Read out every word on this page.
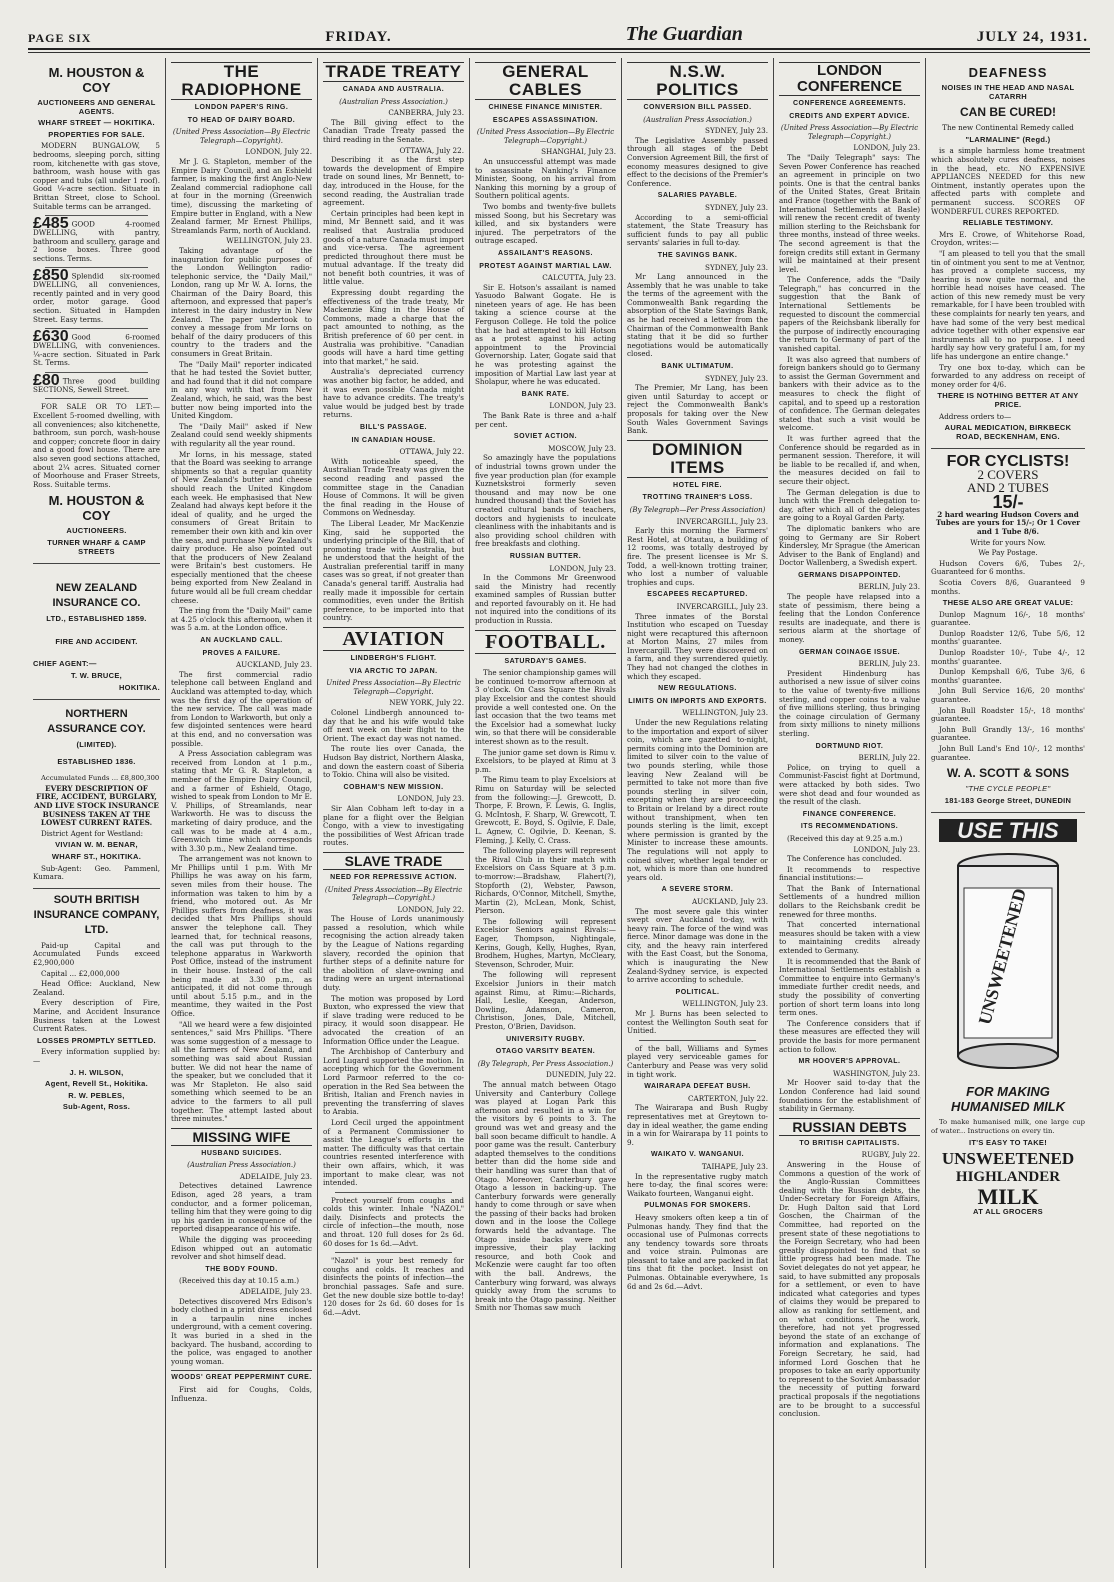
PAGE SIX	FRIDAY.	The Guardian	JULY 24, 1931.
M. HOUSTON & COY
AUCTIONEERS AND GENERAL AGENTS.
WHARF STREET — HOKITIKA.
PROPERTIES FOR SALE.

MODERN BUNGALOW, 5 bedrooms, sleeping porch, sitting room, kitchenette with gas stove, bathroom, wash house with gas copper and tubs (all under 1 roof). Good ¼-acre section. Situate in Brittan Street, close to School. Suitable terms can be arranged.

£485 GOOD 4-roomed DWELLING, with pantry, bathroom and scullery, garage and 2 loose boxes. Three good sections. Terms.

£850 Splendid six-roomed DWELLING, all conveniences, recently painted and in very good order, motor garage. Good section. Situated in Hampden Street. Easy terms.

£630 Good 6-roomed DWELLING, with conveniences. ¼-acre section. Situated in Park St. Terms.

£80 Three good building SECTIONS, Sewell Street.

FOR SALE OR TO LET:—Excellent 5-roomed dwelling, with all conveniences; also kitchenette, bathroom, sun porch, wash-house and copper; concrete floor in dairy and a good fowl house. There are also seven good sections attached, about 2¼ acres. Situated corner of Moorhouse and Fraser Streets, Ross. Suitable terms.

M. HOUSTON & COY
AUCTIONEERS.
TURNER WHARF & CAMP STREETS
NEW ZEALAND INSURANCE CO.
LTD., ESTABLISHED 1859.
FIRE AND ACCIDENT.
CHIEF AGENT:—
T. W. BRUCE,
HOKITIKA.
NORTHERN ASSURANCE COY.
(LIMITED).
ESTABLISHED 1836.

Accumulated Funds ... £8,800,300

EVERY DESCRIPTION OF FIRE, ACCIDENT, BURGLARY, AND LIVE STOCK INSURANCE BUSINESS TAKEN AT THE LOWEST CURRENT RATES.

District Agent for Westland:

VIVIAN W. M. BENAR,
WHARF ST., HOKITIKA.

Sub-Agent: Geo. Pammenl, Kumara.

SOUTH BRITISH INSURANCE COMPANY, LTD.

Paid-up Capital and Accumulated Funds exceed £2,900,000

Capital ... £2,000,000

Head Office: Auckland, New Zealand.

Every description of Fire, Marine, and Accident Insurance Business taken at the Lowest Current Rates.

LOSSES PROMPTLY SETTLED.

Every information supplied by:—

J. H. WILSON,
Agent, Revell St., Hokitika.
R. W. PEBLES,
Sub-Agent, Ross.
THE RADIOPHONE
LONDON PAPER'S RING.
TO HEAD OF DAIRY BOARD.
(United Press Association—By Electric Telegraph—Copyright).
LONDON, July 22.

Mr J. G. Stapleton, member of the Empire Dairy Council, and an Eshield farmer, is making the first Anglo-New Zealand commercial radiophone call at four in the morning (Greenwich time), discussing the marketing of Empire butter in England, with a New Zealand farmer, Mr Ernest Phillips, Streamlands Farm, north of Auckland.

WELLINGTON, July 23.

Taking advantage of the inauguration for public purposes of the London Wellington radio-telephonic service, the "Daily Mail," London, rang up Mr W. A. Iorns, the Chairman of the Dairy Board, this afternoon, and expressed that paper's interest in the dairy industry in New Zealand. The paper undertook to convey a message from Mr Iorns on behalf of the dairy producers of this country to the traders and the consumers in Great Britain.

The "Daily Mail" reporter indicated that he had tested the Soviet butter, and had found that it did not compare in any way with that from New Zealand, which, he said, was the best butter now being imported into the United Kingdom.

The "Daily Mail" asked if New Zealand could send weekly shipments with regularity all the year round.

Mr Iorns, in his message, stated that the Board was seeking to arrange shipments so that a regular quantity of New Zealand's butter and cheese should reach the United Kingdom each week. He emphasised that New Zealand had always kept before it the ideal of quality, and he urged the consumers of Great Britain to remember their own kith and kin over the seas, and purchase New Zealand's dairy produce. He also pointed out that the producers of New Zealand were Britain's best customers. He especially mentioned that the cheese being exported from New Zealand in future would all be full cream cheddar cheese.

The ring from the "Daily Mail" came at 4.25 o'clock this afternoon, when it was 5 a.m. at the London office.

AN AUCKLAND CALL.
PROVES A FAILURE.
AUCKLAND, July 23.

The first commercial radio telephone call between England and Auckland was attempted to-day, which was the first day of the operation of the new service. The call was made from London to Warkworth, but only a few disjointed sentences were heard at this end, and no conversation was possible.

A Press Association cablegram was received from London at 1 p.m., stating that Mr G. R. Stapleton, a member of the Empire Dairy Council, and a farmer of Eshield, Otago, wished to speak from London to Mr E. V. Phillips, of Streamlands, near Warkworth. He was to discuss the marketing of dairy produce, and the call was to be made at 4 a.m., Greenwich time which corresponds with 3.30 p.m., New Zealand time.

The arrangement was not known to Mr Phillips until 1 p.m. With Mr Phillips he was away on his farm, seven miles from their house. The information was taken to him by a friend, who motored out. As Mr Phillips suffers from deafness, it was decided that Mrs Phillips should answer the telephone call. They learned that, for technical reasons, the call was put through to the telephone apparatus in Warkworth Post Office, instead of the instrument in their house. Instead of the call being made at 3.30 p.m., as anticipated, it did not come through until about 5.15 p.m., and in the meantime, they waited in the Post Office.

"All we heard were a few disjointed sentences," said Mrs Phillips. "There was some suggestion of a message to all the farmers of New Zealand, and something was said about Russian butter. We did not hear the name of the speaker, but we concluded that it was Mr Stapleton. He also said something which seemed to be an advice to the farmers to all pull together. The attempt lasted about three minutes."

MISSING WIFE
HUSBAND SUICIDES.
(Australian Press Association.)
ADELAIDE, July 23.

Detectives detained Lawrence Edison, aged 28 years, a tram conductor, and a former policeman, telling him that they were going to dig up his garden in consequence of the reported disappearance of his wife.

While the digging was proceeding Edison whipped out an automatic revolver and shot himself dead.

THE BODY FOUND.

(Received this day at 10.15 a.m.)

ADELAIDE, July 23.

Detectives discovered Mrs Edison's body clothed in a print dress enclosed in a tarpaulin nine inches underground, with a cement covering. It was buried in a shed in the backyard. The husband, according to the police, was engaged to another young woman.

WOODS' GREAT PEPPERMINT CURE.

First aid for Coughs, Colds, Influenza.

TRADE TREATY
CANADA AND AUSTRALIA.
(Australian Press Association.)
CANBERRA, July 23.

The Bill giving effect to the Canadian Trade Treaty passed the third reading in the Senate.

OTTAWA, July 22.

Describing it as the first step towards the development of Empire trade on sound lines, Mr Bennett, to-day, introduced in the House, for the second reading, the Australian trade agreement.

Certain principles had been kept in mind, Mr Bennett said, and it was realised that Australia produced goods of a nature Canada must import and vice-versa. The agreement predicted throughout there must be mutual advantage. If the treaty did not benefit both countries, it was of little value.

Expressing doubt regarding the effectiveness of the trade treaty, Mr Mackenzie King in the House of Commons, made a charge that the pact amounted to nothing, as the British preference of 60 per cent. in Australia was prohibitive. "Canadian goods will have a hard time getting into that market," he said.

Australia's depreciated currency was another big factor, he added, and it was even possible Canada might have to advance credits. The treaty's value would be judged best by trade returns.

BILL'S PASSAGE.
IN CANADIAN HOUSE.
OTTAWA, July 22.

With noticeable speed, the Australian Trade Treaty was given the second reading and passed the committee stage in the Canadian House of Commons. It will be given the final reading in the House of Commons on Wednesday.

The Liberal Leader, Mr MacKenzie King, said he supported the underlying principle of the Bill, that of promoting trade with Australia, but he understood that the height of the Australian preferential tariff in many cases was so great, if not greater than Canada's general tariff. Australia had really made it impossible for certain commodities, even under the British preference, to be imported into that country.

AVIATION
LINDBERGH'S FLIGHT.
VIA ARCTIC TO JAPAN.
United Press Association—By Electric Telegraph—Copyright.
NEW YORK, July 22.

Colonel Lindbergh announced to-day that he and his wife would take off next week on their flight to the Orient. The exact day was not named.

The route lies over Canada, the Hudson Bay district, Northern Alaska, and down the eastern coast of Siberia to Tokio. China will also be visited.

COBHAM'S NEW MISSION.
LONDON, July 23.

Sir Alan Cobham left to-day in a plane for a flight over the Belgian Congo, with a view to investigating the possibilities of West African trade routes.

SLAVE TRADE
NEED FOR REPRESSIVE ACTION.
(United Press Association—By Electric Telegraph—Copyright.)
LONDON, July 22.

The House of Lords unanimously passed a resolution, which while recognising the action already taken by the League of Nations regarding slavery, recorded the opinion that further steps of a definite nature for the abolition of slave-owning and trading were an urgent international duty.

The motion was proposed by Lord Buxton, who expressed the view that if slave trading were reduced to be piracy, it would soon disappear. He advocated the creation of an Information Office under the League.

The Archbishop of Canterbury and Lord Lugard supported the motion. In accepting which for the Government Lord Parmoor referred to the co-operation in the Red Sea between the British, Italian and French navies in preventing the transferring of slaves to Arabia.

Lord Cecil urged the appointment of a Permanent Commissioner to assist the League's efforts in the matter. The difficulty was that certain countries resented interference with their own affairs, which, it was important to make clear, was not intended.

Protect yourself from coughs and colds this winter. Inhale "NAZOL" daily. Disinfects and protects the circle of infection—the mouth, nose and throat. 120 full doses for 2s 6d. 60 doses for 1s 6d.—Advt.

"Nazol" is your best remedy for coughs and colds. It reaches and disinfects the points of infection—the bronchial passages. Safe and sure. Get the new double size bottle to-day! 120 doses for 2s 6d. 60 doses for 1s 6d.—Advt.

GENERAL CABLES
CHINESE FINANCE MINISTER.
ESCAPES ASSASSINATION.
(United Press Association—By Electric Telegraph—Copyright.)
SHANGHAI, July 23.

An unsuccessful attempt was made to assassinate Nanking's Finance Minister, Soong, on his arrival from Nanking this morning by a group of Southern political agents.

Two bombs and twenty-five bullets missed Soong, but his Secretary was killed, and six bystanders were injured. The perpetrators of the outrage escaped.

ASSAILANT'S REASONS.
PROTEST AGAINST MARTIAL LAW.
CALCUTTA, July 23.

Sir E. Hotson's assailant is named Yasuodo Balwant Gogate. He is nineteen years of age. He has been taking a science course at the Ferguson College. He told the police that he had attempted to kill Hotson as a protest against his acting appointment to the Provincial Governorship. Later, Gogate said that he was protesting against the imposition of Martial Law last year at Sholapur, where he was educated.

BANK RATE.
LONDON, July 23.

The Bank Rate is three and a-half per cent.

SOVIET ACTION.
MOSCOW, July 23.

So amazingly have the populations of industrial towns grown under the five year production plan (for example Kuznetskstroi formerly seven thousand and may now be one hundred thousand) that the Soviet has created cultural bands of teachers, doctors and hygienists to inculcate cleanliness with the inhabitants and is also providing school children with free breakfasts and clothing.

RUSSIAN BUTTER.
LONDON, July 23.

In the Commons Mr Greenwood said the Ministry had recently examined samples of Russian butter and reported favourably on it. He had not inquired into the conditions of its production in Russia.

FOOTBALL.
SATURDAY'S GAMES.

The senior championship games will be continued to-morrow afternoon at 3 o'clock. On Cass Square the Rivals play Excelsior and the contest should provide a well contested one. On the last occasion that the two teams met the Excelsior had a somewhat lucky win, so that there will be considerable interest shown as to the result.

The junior game set down is Rimu v. Excelsiors, to be played at Rimu at 3 p.m.

The Rimu team to play Excelsiors at Rimu on Saturday will be selected from the following:—J. Grewcott, D. Thorpe, F. Brown, F. Lewis, G. Inglis, G. McIntosh, F. Sharp, W. Grewcott, T. Grewcott, E. Boyd, S. Ogilvie, F. Dale, L. Agnew, C. Ogilvie, D. Keenan, S. Fleming, J. Kelly, C. Crass.

The following players will represent the Rival Club in their match with Excelsiors on Cass Square at 3 p.m. to-morrow:—Bradshaw, Flahert(?), Stopforth (2), Webster, Pawson, Richards, O'Connor, Mitchell, Smythe, Martin (2), McLean, Monk, Schist, Pierson.

The following will represent Excelsior Seniors against Rivals:—Eager, Thompson, Nightingale, Kerins, Gough, Kelly, Hughes, Ryan, Brodhem, Hughes, Martyn, McCleary, Stevenson, Schroder, Muir.

The following will represent Excelsior Juniors in their match against Rimu, at Rimu:—Richards, Hall, Leslie, Keegan, Anderson, Dowling, Adamson, Cameron, Christison, Jones, Dale, Mitchell, Preston, O'Brien, Davidson.

UNIVERSITY RUGBY.
OTAGO VARSITY BEATEN.
(By Telegraph, Per Press Association.)
DUNEDIN, July 22.

The annual match between Otago University and Canterbury College was played at Logan Park this afternoon and resulted in a win for the visitors by 6 points to 3. The ground was wet and greasy and the ball soon became difficult to handle. A poor game was the result. Canterbury adapted themselves to the conditions better than did the home side and their handling was surer than that of Otago. Moreover, Canterbury gave Otago a lesson in backing-up. The Canterbury forwards were generally handy to come through or save when the passing of their backs had broken down and in the loose the College forwards held the advantage. The Otago inside backs were not impressive, their play lacking resource, and both Cook and McKenzie were caught far too often with the ball. Andrews, the Canterbury wing forward, was always quickly away from the scrums to break into the Otago passing. Neither Smith nor Thomas saw much

N.S.W. POLITICS
CONVERSION BILL PASSED.
(Australian Press Association.)
SYDNEY, July 23.

The Legislative Assembly passed through all stages of the Debt Conversion Agreement Bill, the first of economy measures designed to give effect to the decisions of the Premier's Conference.

SALARIES PAYABLE.
SYDNEY, July 23.

According to a semi-official statement, the State Treasury has sufficient funds to pay all public servants' salaries in full to-day.

THE SAVINGS BANK.
SYDNEY, July 23.

Mr Lang announced in the Assembly that he was unable to take the terms of the agreement with the Commonwealth Bank regarding the absorption of the State Savings Bank, as he had received a letter from the Chairman of the Commonwealth Bank stating that it be did so further negotiations would be automatically closed.

BANK ULTIMATUM.
SYDNEY, July 23.

The Premier, Mr Lang, has been given until Saturday to accept or reject the Commonwealth Bank's proposals for taking over the New South Wales Government Savings Bank.

DOMINION ITEMS
HOTEL FIRE.
TROTTING TRAINER'S LOSS.
(By Telegraph—Per Press Association)
INVERCARGILL, July 23.

Early this morning the Farmers' Rest Hotel, at Otautau, a building of 12 rooms, was totally destroyed by fire. The present licensee is Mr S. Todd, a well-known trotting trainer, who lost a number of valuable trophies and cups.

ESCAPEES RECAPTURED.
INVERCARGILL, July 23.

Three inmates of the Borstal Institution who escaped on Tuesday night were recaptured this afternoon at Morton Mains, 27 miles from Invercargill. They were discovered on a farm, and they surrendered quietly. They had not changed the clothes in which they escaped.

NEW REGULATIONS.
LIMITS ON IMPORTS AND EXPORTS.
WELLINGTON, July 23.

Under the new Regulations relating to the importation and export of silver coin, which are gazetted to-night, permits coming into the Dominion are limited to silver coin to the value of two pounds sterling, while those leaving New Zealand will be permitted to take not more than five pounds sterling in silver coin, excepting when they are proceeding to Britain or Ireland by a direct route without transhipment, when ten pounds sterling is the limit, except where permission is granted by the Minister to increase these amounts. The regulations will not apply to coined silver, whether legal tender or not, which is more than one hundred years old.

A SEVERE STORM.
AUCKLAND, July 23.

The most severe gale this winter swept over Auckland to-day, with heavy rain. The force of the wind was fierce. Minor damage was done in the city, and the heavy rain interfered with the East Coast, but the Sonoma, which is inaugurating the New Zealand-Sydney service, is expected to arrive according to schedule.

POLITICAL.
WELLINGTON, July 23.

Mr J. Burns has been selected to contest the Wellington South seat for Unitied.

of the ball, Williams and Symes played very serviceable games for Canterbury and Pease was very solid in tight work.

WAIRARAPA DEFEAT BUSH.
CARTERTON, July 22.

The Wairarapa and Bush Rugby representatives met at Greytown to-day in ideal weather, the game ending in a win for Wairarapa by 11 points to 9.

WAIKATO V. WANGANUI.
TAIHAPE, July 23.

In the representative rugby match here to-day, the final scores were: Waikato fourteen, Wanganui eight.

PULMONAS FOR SMOKERS.

Heavy smokers often keep a tin of Pulmonas handy. They find that the occasional use of Pulmonas corrects any tendency towards sore throats and voice strain. Pulmonas are pleasant to take and are packed in flat tins that fit the pocket. Insist on Pulmonas. Obtainable everywhere, 1s 6d and 2s 6d.—Advt.

LONDON CONFERENCE
CONFERENCE AGREEMENTS.
CREDITS AND EXPERT ADVICE.
(United Press Association—By Electric Telegraph—Copyright.)
LONDON, July 23.

The "Daily Telegraph" says: The Seven Power Conference has reached an agreement in principle on two points. One is that the central banks of the United States, Great Britain and France (together with the Bank of International Settlements at Basle) will renew the recent credit of twenty million sterling to the Reichsbank for three months, instead of three weeks. The second agreement is that the foreign credits still extant in Germany will be maintained at their present level.

The Conference, adds the "Daily Telegraph," has concurred in the suggestion that the Bank of International Settlements be requested to discount the commercial papers of the Reichsbank liberally for the purpose of indirectly encouraging the return to Germany of part of the vanished capital.

It was also agreed that numbers of foreign bankers should go to Germany to assist the German Government and bankers with their advice as to the measures to check the flight of capital, and to speed up a restoration of confidence. The German delegates stated that such a visit would be welcome.

It was further agreed that the Conference should be regarded as in permanent session. Therefore, it will be liable to be recalled if, and when, the measures decided on fail to secure their object.

The German delegation is due to lunch with the French delegation to-day, after which all of the delegates are going to a Royal Garden Party.

The diplomatic bankers who are going to Germany are Sir Robert Kindersley, Mr Sprague (the American Adviser to the Bank of England) and Doctor Wallenberg, a Swedish expert.

GERMANS DISAPPOINTED.
BERLIN, July 23.

The people have relapsed into a state of pessimism, there being a feeling that the London Conference results are inadequate, and there is serious alarm at the shortage of money.

GERMAN COINAGE ISSUE.
BERLIN, July 23.

President Hindenburg has authorised a new issue of silver coins to the value of twenty-five millions sterling, and copper coins to a value of five millions sterling, thus bringing the coinage circulation of Germany from sixty millions to ninety millions sterling.

DORTMUND RIOT.
BERLIN, July 22.

Police, on trying to quell a Communist-Fascist fight at Dortmund, were attacked by both sides. Two were shot dead and four wounded as the result of the clash.

FINANCE CONFERENCE.
ITS RECOMMENDATIONS.

(Received this day at 9.25 a.m.)

LONDON, July 23.

The Conference has concluded.

It recommends to respective financial institutions:—

That the Bank of International Settlements of a hundred million dollars to the Reichsbank credit be renewed for three months.

That concerted international measures should be taken with a view to maintaining credits already extended to Germany.

It is recommended that the Bank of International Settlements establish a Committee to enquire into Germany's immediate further credit needs, and study the possibility of converting portion of short term loans into long term ones.

The Conference considers that if these measures are effected they will provide the basis for more permanent action to follow.

MR HOOVER'S APPROVAL.
WASHINGTON, July 23.

Mr Hoover said to-day that the London Conference had laid sound foundations for the establishment of stability in Germany.

RUSSIAN DEBTS
TO BRITISH CAPITALISTS.
RUGBY, July 22.

Answering in the House of Commons a question of the work of the Anglo-Russian Committees dealing with the Russian debts, the Under-Secretary for Foreign Affairs, Dr. Hugh Dalton said that Lord Goschen, the Chairman of the Committee, had reported on the present state of these negotiations to the Foreign Secretary, who had been greatly disappointed to find that so little progress had been made. The Soviet delegates do not yet appear, he said, to have submitted any proposals for a settlement, or even to have indicated what categories and types of claims they would be prepared to allow as ranking for settlement, and on what conditions. The work, therefore, had not yet progressed beyond the state of an exchange of information and explanations. The Foreign Secretary, he said, had informed Lord Goschen that he proposes to take an early opportunity to represent to the Soviet Ambassador the necessity of putting forward practical proposals if the negotiations are to be brought to a successful conclusion.

DEAFNESS
NOISES IN THE HEAD AND NASAL CATARRH
CAN BE CURED!

The new Continental Remedy called

"LARMALINE" (Regd.)

is a simple harmless home treatment which absolutely cures deafness, noises in the head, etc. NO EXPENSIVE APPLIANCES NEEDED for this new Ointment, instantly operates upon the affected parts with complete and permanent success. SCORES OF WONDERFUL CURES REPORTED.

RELIABLE TESTIMONY.

Mrs E. Crowe, of Whitehorse Road, Croydon, writes:—

"I am pleased to tell you that the small tin of ointment you sent to me at Ventnor, has proved a complete success, my hearing is now quite normal, and the horrible head noises have ceased. The action of this new remedy must be very remarkable, for I have been troubled with these complaints for nearly ten years, and have had some of the very best medical advice together with other expensive ear instruments all to no purpose. I need hardly say how very grateful I am, for my life has undergone an entire change."

Try one box to-day, which can be forwarded to any address on receipt of money order for 4/6.

THERE IS NOTHING BETTER AT ANY PRICE.

Address orders to—

AURAL MEDICATION, BIRKBECK ROAD, BECKENHAM, ENG.
FOR CYCLISTS!
2 COVERS
AND 2 TUBES
15/-

2 hard wearing Hudson Covers and Tubes are yours for 15/-; Or 1 Cover and 1 Tube 8/6.

Write for yours Now.

We Pay Postage.

Hudson Covers 6/6, Tubes 2/-, Guaranteed for 6 months.

Scotia Covers 8/6, Guaranteed 9 months.

THESE ALSO ARE GREAT VALUE:

Dunlop Magnum 16/-, 18 months' guarantee.

Dunlop Roadster 12/6, Tube 5/6, 12 months' guarantee.

Dunlop Roadster 10/-, Tube 4/-, 12 months' guarantee.

Dunlop Kempshall 6/6, Tube 3/6, 6 months' guarantee.

John Bull Service 16/6, 20 months' guarantee.

John Bull Roadster 15/-, 18 months' guarantee.

John Bull Grandly 13/-, 16 months' guarantee.

John Bull Land's End 10/-, 12 months' guarantee.

W. A. SCOTT & SONS
"THE CYCLE PEOPLE"
181-183 George Street, DUNEDIN
USE THIS
UNSWEETENED
FOR MAKING HUMANISED MILK

To make humanised milk, one large cup of water... Instructions on every tin.

IT'S EASY TO TAKE!
UNSWEETENED
HIGHLANDER
MILK
AT ALL GROCERS
